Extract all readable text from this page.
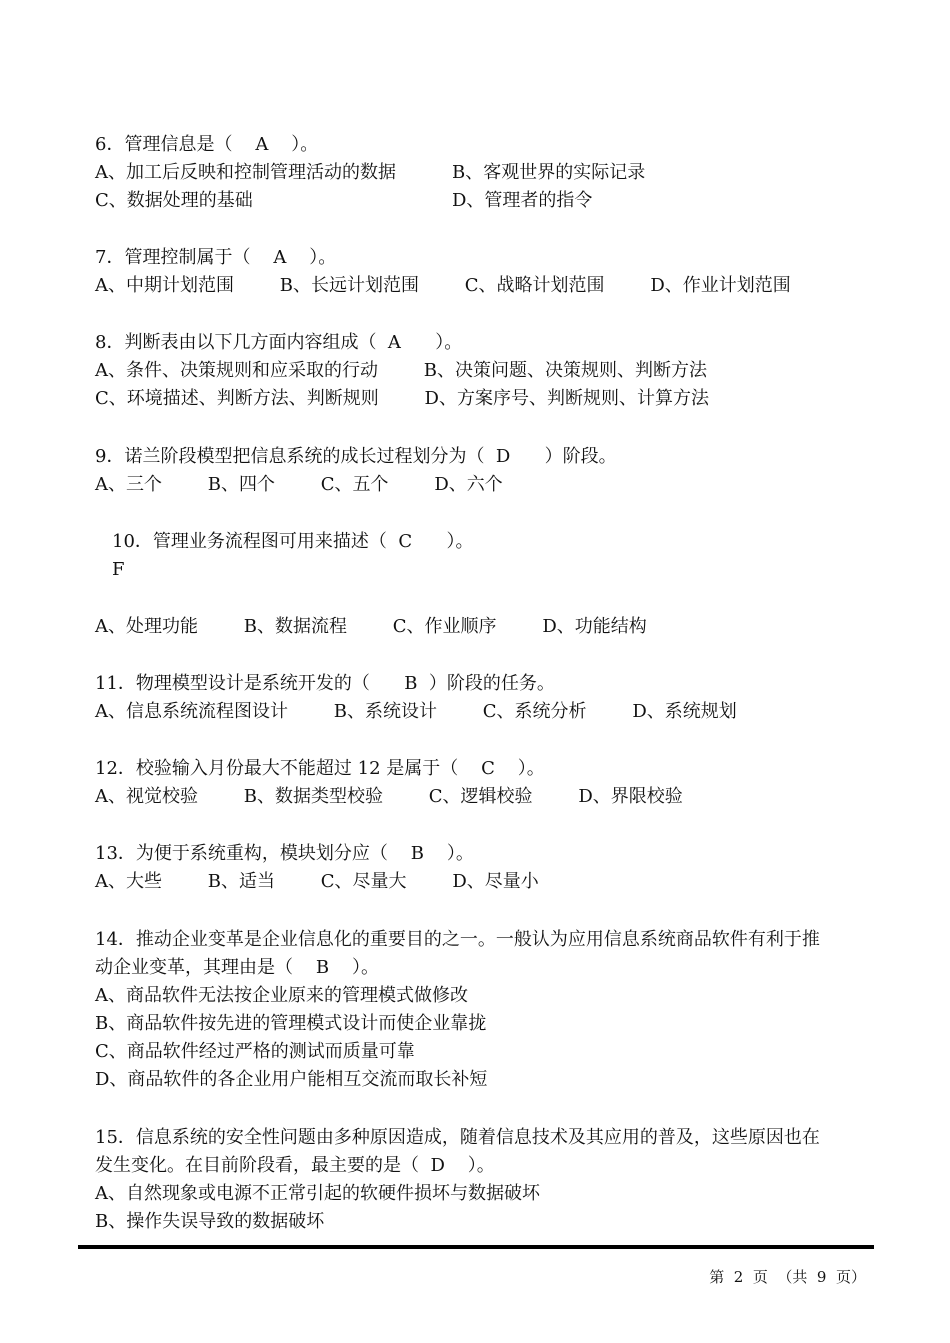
6．管理信息是（    A    ）。
A、加工后反映和控制管理活动的数据	B、客观世界的实际记录
C、数据处理的基础	D、管理者的指令
7．管理控制属于（    A    ）。
A、中期计划范围        B、长远计划范围        C、战略计划范围        D、作业计划范围
8．判断表由以下几方面内容组成（  A      ）。
A、条件、决策规则和应采取的行动        B、决策问题、决策规则、判断方法
C、环境描述、判断方法、判断规则        D、方案序号、判断规则、计算方法
9．诺兰阶段模型把信息系统的成长过程划分为（  D      ）阶段。
A、三个        B、四个        C、五个        D、六个
10．管理业务流程图可用来描述（  C      ）。
F
A、处理功能        B、数据流程        C、作业顺序        D、功能结构
11．物理模型设计是系统开发的（      B  ）阶段的任务。
A、信息系统流程图设计        B、系统设计        C、系统分析        D、系统规划
12．校验输入月份最大不能超过 12 是属于（    C    ）。
A、视觉校验        B、数据类型校验        C、逻辑校验        D、界限校验
13．为便于系统重构，模块划分应（    B    ）。
A、大些        B、适当        C、尽量大        D、尽量小
14．推动企业变革是企业信息化的重要目的之一。一般认为应用信息系统商品软件有利于推
动企业变革，其理由是（    B    ）。
A、商品软件无法按企业原来的管理模式做修改
B、商品软件按先进的管理模式设计而使企业靠拢
C、商品软件经过严格的测试而质量可靠
D、商品软件的各企业用户能相互交流而取长补短
15．信息系统的安全性问题由多种原因造成，随着信息技术及其应用的普及，这些原因也在
发生变化。在目前阶段看，最主要的是（  D    ）。
A、自然现象或电源不正常引起的软硬件损坏与数据破坏
B、操作失误导致的数据破坏
第  2  页  （共  9  页）
